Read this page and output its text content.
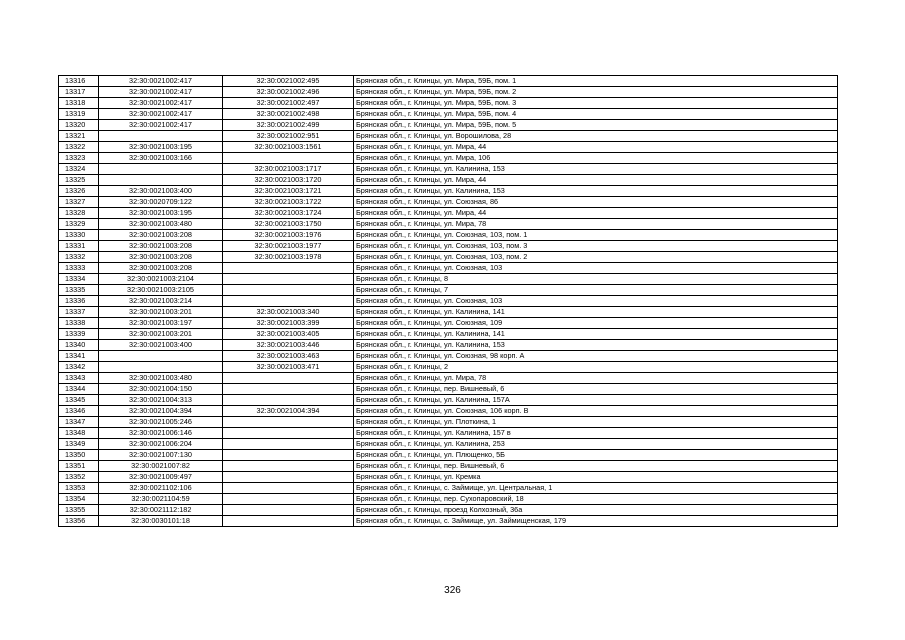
13316	32:30:0021002:417	32:30:0021002:495	Брянская обл., г. Клинцы, ул. Мира, 59Б, пом. 1
13317	32:30:0021002:417	32:30:0021002:496	Брянская обл., г. Клинцы, ул. Мира, 59Б, пом. 2
13318	32:30:0021002:417	32:30:0021002:497	Брянская обл., г. Клинцы, ул. Мира, 59Б, пом. 3
13319	32:30:0021002:417	32:30:0021002:498	Брянская обл., г. Клинцы, ул. Мира, 59Б, пом. 4
13320	32:30:0021002:417	32:30:0021002:499	Брянская обл., г. Клинцы, ул. Мира, 59Б, пом. 5
13321		32:30:0021002:951	Брянская обл., г. Клинцы, ул. Ворошилова, 28
13322	32:30:0021003:195	32:30:0021003:1561	Брянская обл., г. Клинцы, ул. Мира, 44
13323	32:30:0021003:166		Брянская обл., г. Клинцы, ул. Мира, 106
13324		32:30:0021003:1717	Брянская обл., г. Клинцы, ул. Калинина, 153
13325		32:30:0021003:1720	Брянская обл., г. Клинцы, ул. Мира, 44
13326	32:30:0021003:400	32:30:0021003:1721	Брянская обл., г. Клинцы, ул. Калинина, 153
13327	32:30:0020709:122	32:30:0021003:1722	Брянская обл., г. Клинцы, ул. Союзная, 86
13328	32:30:0021003:195	32:30:0021003:1724	Брянская обл., г. Клинцы, ул. Мира, 44
13329	32:30:0021003:480	32:30:0021003:1750	Брянская обл., г. Клинцы, ул. Мира, 78
13330	32:30:0021003:208	32:30:0021003:1976	Брянская обл., г. Клинцы, ул. Союзная, 103, пом. 1
13331	32:30:0021003:208	32:30:0021003:1977	Брянская обл., г. Клинцы, ул. Союзная, 103, пом. 3
13332	32:30:0021003:208	32:30:0021003:1978	Брянская обл., г. Клинцы, ул. Союзная, 103, пом. 2
13333	32:30:0021003:208		Брянская обл., г. Клинцы, ул. Союзная, 103
13334	32:30:0021003:2104		Брянская обл., г. Клинцы, 8
13335	32:30:0021003:2105		Брянская обл., г. Клинцы, 7
13336	32:30:0021003:214		Брянская обл., г. Клинцы, ул. Союзная, 103
13337	32:30:0021003:201	32:30:0021003:340	Брянская обл., г. Клинцы, ул. Калинина, 141
13338	32:30:0021003:197	32:30:0021003:399	Брянская обл., г. Клинцы, ул. Союзная, 109
13339	32:30:0021003:201	32:30:0021003:405	Брянская обл., г. Клинцы, ул. Калинина, 141
13340	32:30:0021003:400	32:30:0021003:446	Брянская обл., г. Клинцы, ул. Калинина, 153
13341		32:30:0021003:463	Брянская обл., г. Клинцы, ул. Союзная, 98 корп. А
13342		32:30:0021003:471	Брянская обл., г. Клинцы, 2
13343	32:30:0021003:480		Брянская обл., г. Клинцы, ул. Мира, 78
13344	32:30:0021004:150		Брянская обл., г. Клинцы, пер. Вишневый, 6
13345	32:30:0021004:313		Брянская обл., г. Клинцы, ул. Калинина, 157А
13346	32:30:0021004:394	32:30:0021004:394	Брянская обл., г. Клинцы, ул. Союзная, 106 корп. В
13347	32:30:0021005:246		Брянская обл., г. Клинцы, ул. Плоткина, 1
13348	32:30:0021006:146		Брянская обл., г. Клинцы, ул. Калинина, 157 в
13349	32:30:0021006:204		Брянская обл., г. Клинцы, ул. Калинина, 253
13350	32:30:0021007:130		Брянская обл., г. Клинцы, ул. Плющенко, 5Б
13351	32:30:0021007:82		Брянская обл., г. Клинцы, пер. Вишневый, 6
13352	32:30:0021009:497		Брянская обл., г. Клинцы, ул. Кремка
13353	32:30:0021102:106		Брянская обл., г. Клинцы, с. Займище, ул. Центральная, 1
13354	32:30:0021104:59		Брянская обл., г. Клинцы, пер. Сухопаровский, 18
13355	32:30:0021112:182		Брянская обл., г. Клинцы, проезд Колхозный, 36а
13356	32:30:0030101:18		Брянская обл., г. Клинцы, с. Займище, ул. Займищенская, 179
326
